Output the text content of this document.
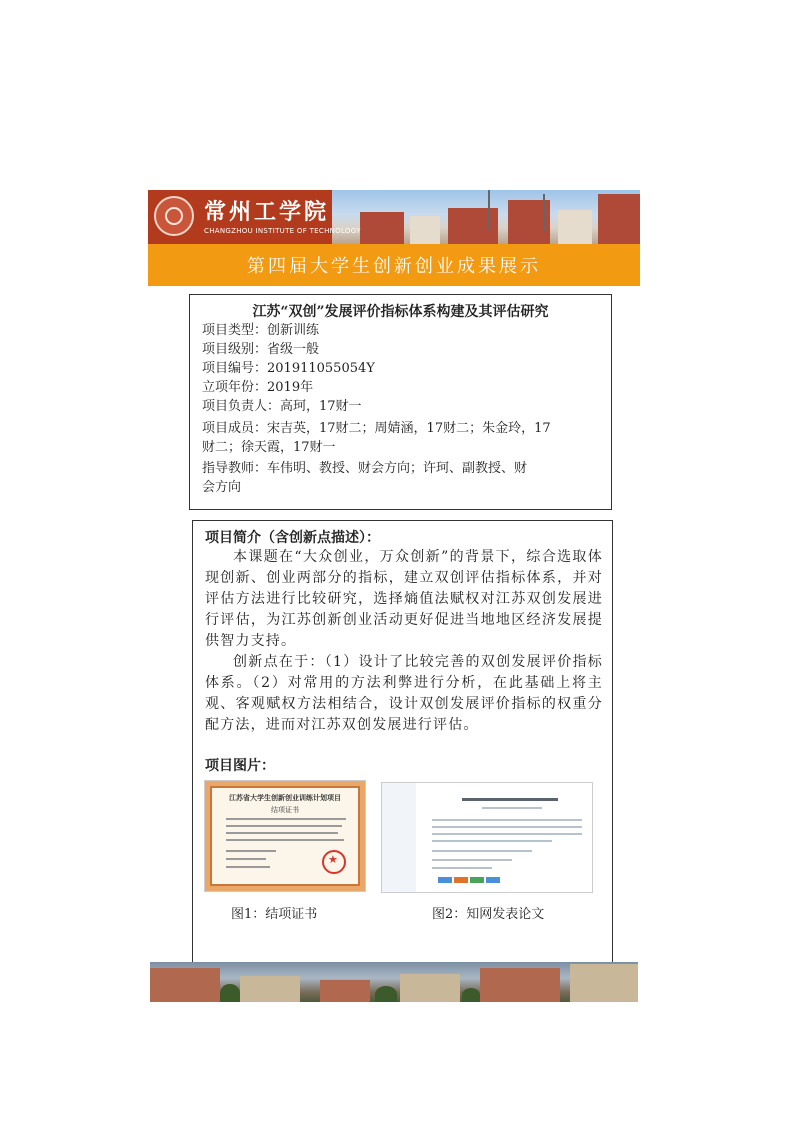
常州工学院
CHANGZHOU INSTITUTE OF TECHNOLOGY
第四届大学生创新创业成果展示
江苏“双创”发展评价指标体系构建及其评估研究
项目类型：创新训练
项目级别：省级一般
项目编号：201911055054Y
立项年份：2019年
项目负责人：高珂，17财一
项目成员：宋吉英，17财二；周婧涵，17财二；朱金玲，17
财二；徐天霞，17财一
指导教师：车伟明、教授、财会方向；许珂、副教授、财
会方向
项目简介（含创新点描述）：
本课题在“大众创业，万众创新”的背景下，综合选取体现创新、创业两部分的指标，建立双创评估指标体系，并对评估方法进行比较研究，选择熵值法赋权对江苏双创发展进行评估，为江苏创新创业活动更好促进当地地区经济发展提供智力支持。
创新点在于：（1）设计了比较完善的双创发展评价指标体系。（2）对常用的方法利弊进行分析，在此基础上将主观、客观赋权方法相结合，设计双创发展评价指标的权重分配方法，进而对江苏双创发展进行评估。
项目图片：
江苏省大学生创新创业训练计划项目
结项证书
★
图1：结项证书	图2：知网发表论文
